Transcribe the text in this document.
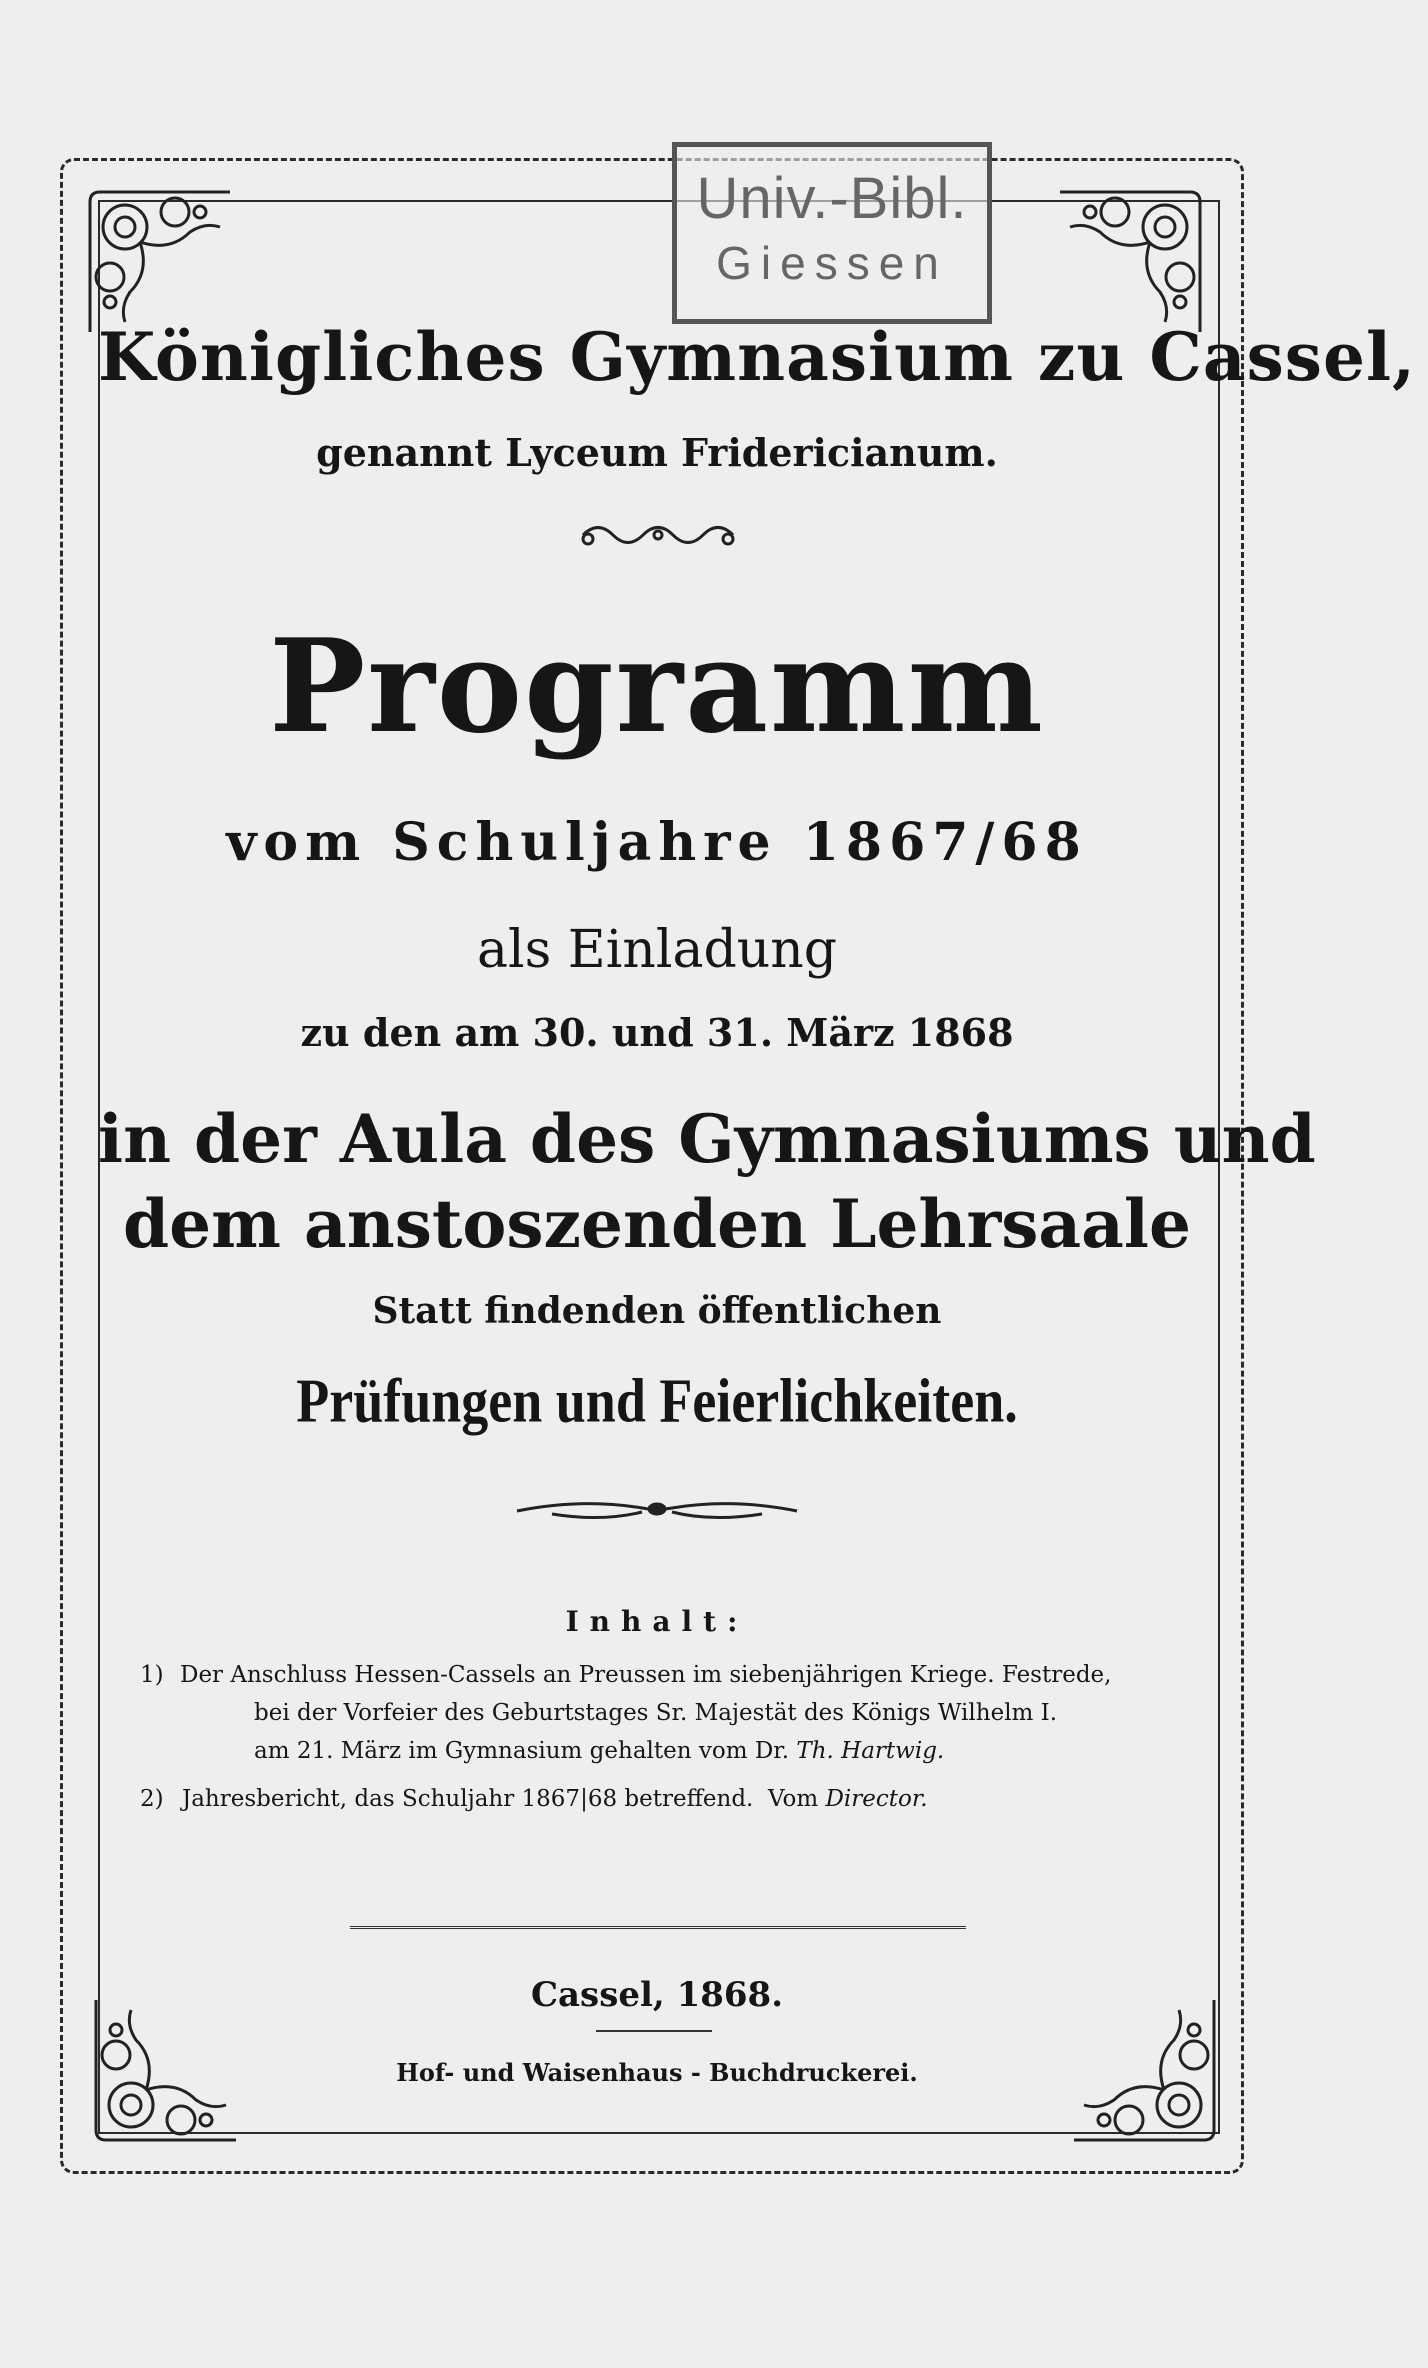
Univ.-Bibl.
Giessen
Königliches Gymnasium zu Cassel,
genannt Lyceum Fridericianum.
Programm
vom Schuljahre 1867/68
als Einladung
zu den am 30. und 31. März 1868
in der Aula des Gymnasiums und
dem anstoszenden Lehrsaale
Statt findenden öffentlichen
Prüfungen und Feierlichkeiten.
Inhalt:
1) Der Anschluss Hessen-Cassels an Preussen im siebenjährigen Kriege. Festrede,
bei der Vorfeier des Geburtstages Sr. Majestät des Königs Wilhelm I.
am 21. März im Gymnasium gehalten vom Dr. Th. Hartwig.
2) Jahresbericht, das Schuljahr 1867|68 betreffend. Vom Director.
Cassel, 1868.
Hof- und Waisenhaus - Buchdruckerei.
